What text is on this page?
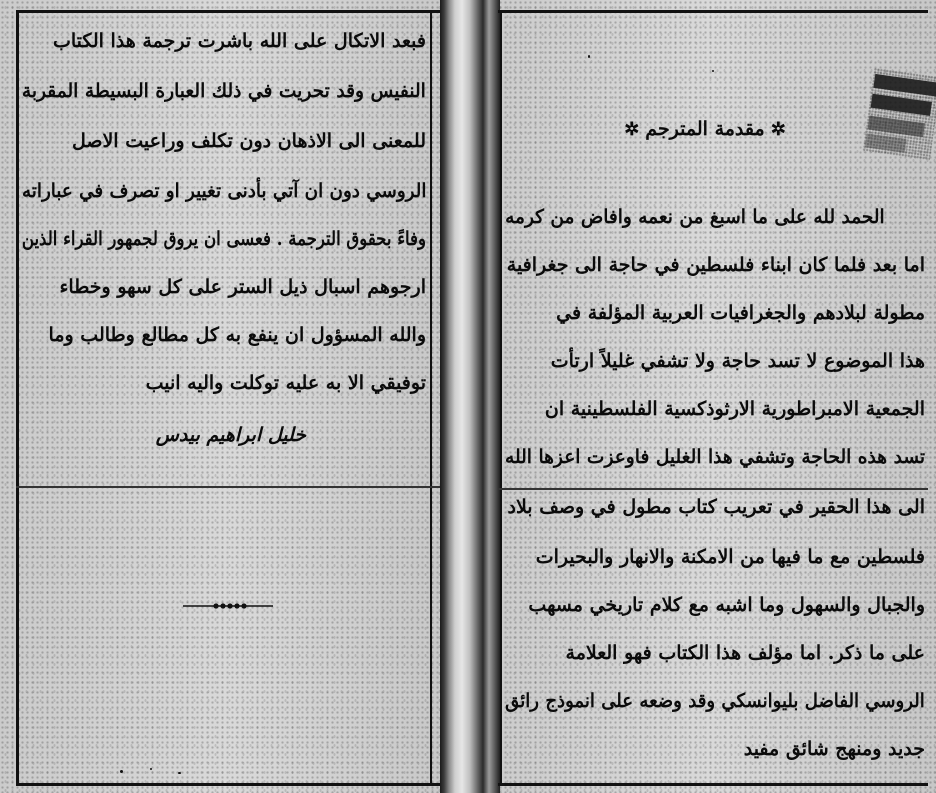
فبعد الاتكال على الله باشرت ترجمة هذا الكتاب
النفيس وقد تحريت في ذلك العبارة البسيطة المقربة
للمعنى الى الاذهان دون تكلف وراعيت الاصل
الروسي دون ان آتي بأدنى تغيير او تصرف في عباراته
وفاءً بحقوق الترجمة . فعسى ان يروق لجمهور القراء الذين
ارجوهم اسبال ذيل الستر على كل سهو وخطاء
والله المسؤول ان ينفع به كل مطالع وطالب وما
توفيقي الا به عليه توكلت واليه انيب
خليل ابراهيم بيدس
✲مقدمة المترجم✲
الحمد لله على ما اسبغ من نعمه وافاض من كرمه
اما بعد فلما كان ابناء فلسطين في حاجة الى جغرافية
مطولة لبلادهم والجغرافيات العربية المؤلفة في
هذا الموضوع لا تسد حاجة ولا تشفي غليلاً ارتأت
الجمعية الامبراطورية الارثوذكسية الفلسطينية ان
تسد هذه الحاجة وتشفي هذا الغليل فاوعزت اعزها الله
الى هذا الحقير في تعريب كتاب مطول في وصف بلاد
فلسطين مع ما فيها من الامكنة والانهار والبحيرات
والجبال والسهول وما اشبه مع كلام تاريخي مسهب
على ما ذكر. اما مؤلف هذا الكتاب فهو العلامة
الروسي الفاضل بليوانسكي وقد وضعه على انموذج رائق
جديد ومنهج شائق مفيد
